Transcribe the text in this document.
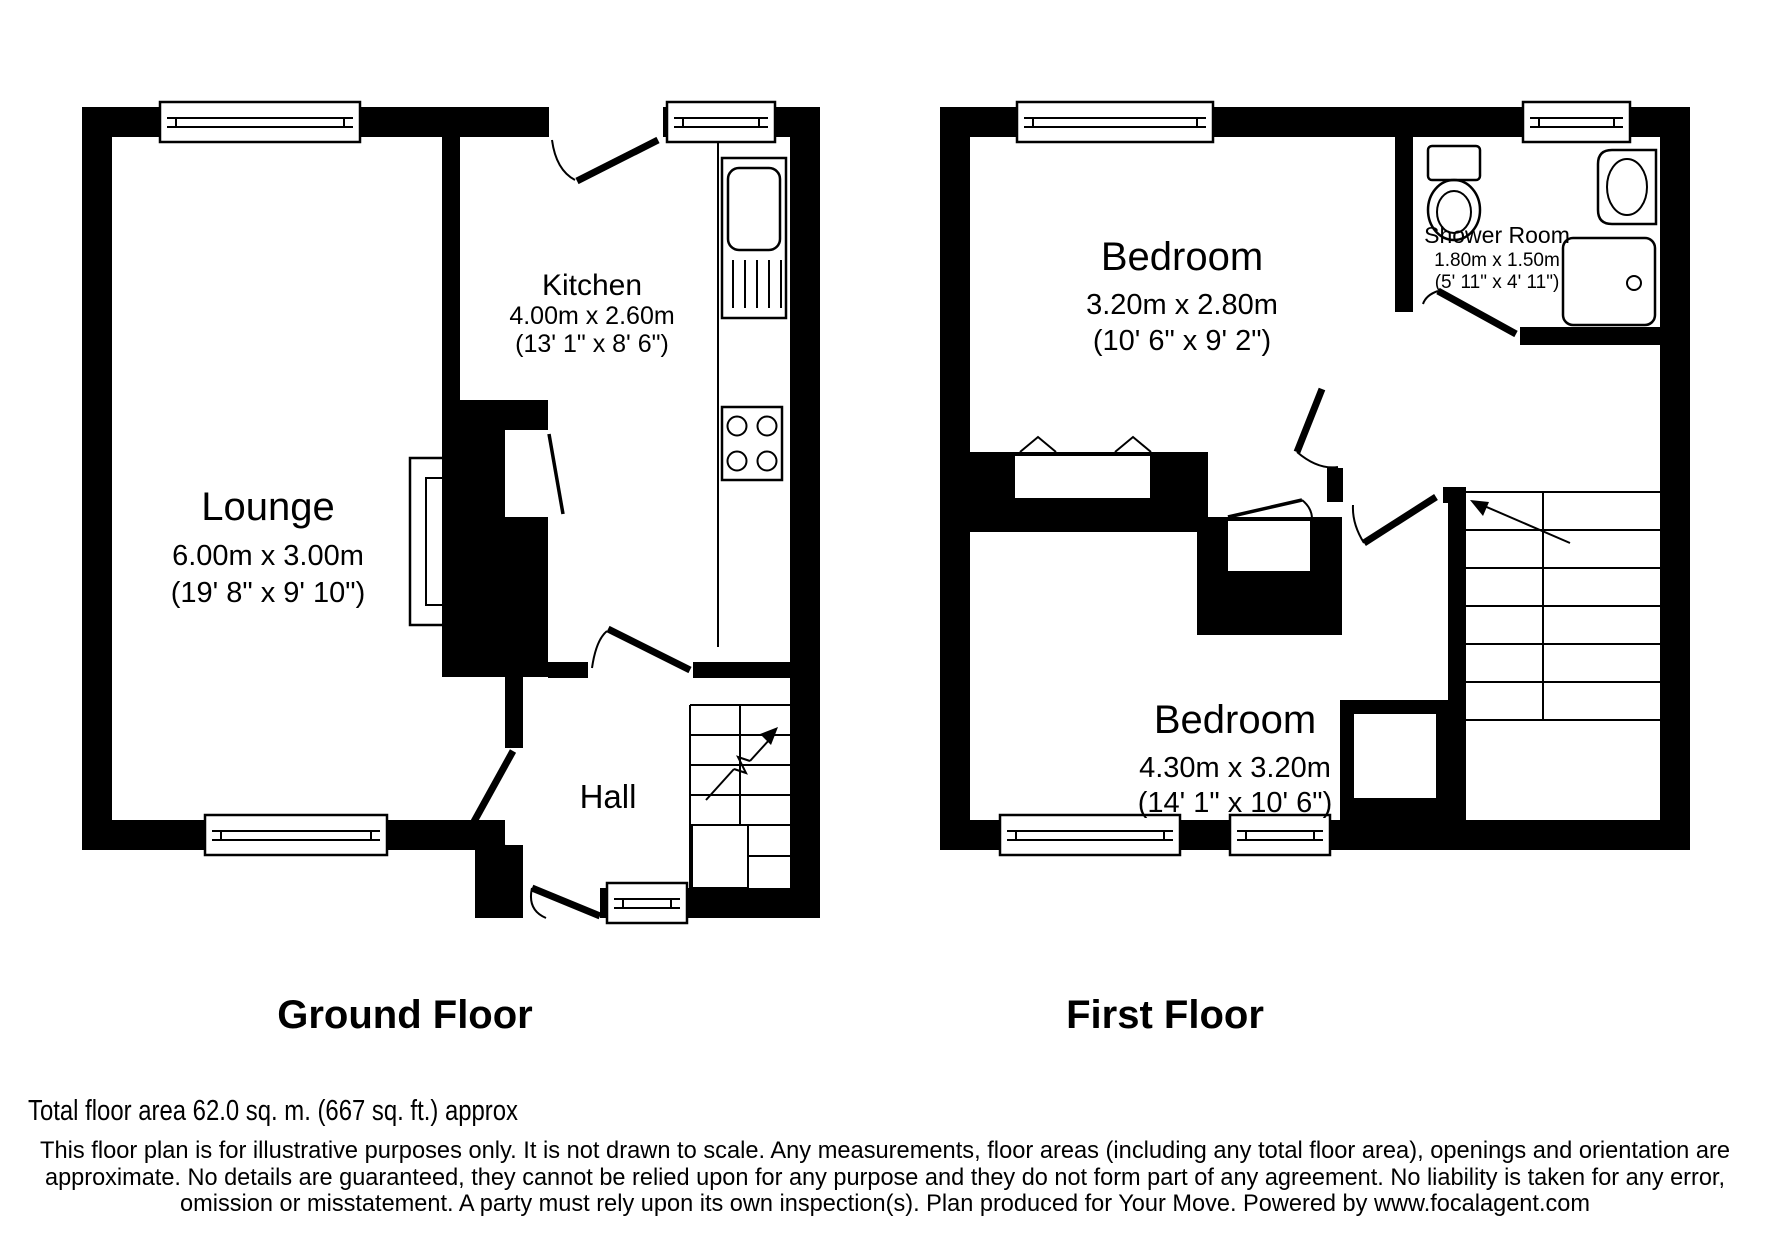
Lounge
6.00m x 3.00m
(19' 8" x 9' 10")
Kitchen
4.00m x 2.60m
(13' 1" x 8' 6")
Hall
Bedroom
3.20m x 2.80m
(10' 6" x 9' 2")
Shower Room
1.80m x 1.50m
(5' 11" x 4' 11")
Bedroom
4.30m x 3.20m
(14' 1" x 10' 6")
Ground Floor	First Floor
Total floor area 62.0 sq. m. (667 sq. ft.) approx
This floor plan is for illustrative purposes only. It is not drawn to scale. Any measurements, floor areas (including any total floor area), openings and orientation are
approximate. No details are guaranteed, they cannot be relied upon for any purpose and they do not form part of any agreement. No liability is taken for any error,
omission or misstatement. A party must rely upon its own inspection(s). Plan produced for Your Move. Powered by www.focalagent.com
